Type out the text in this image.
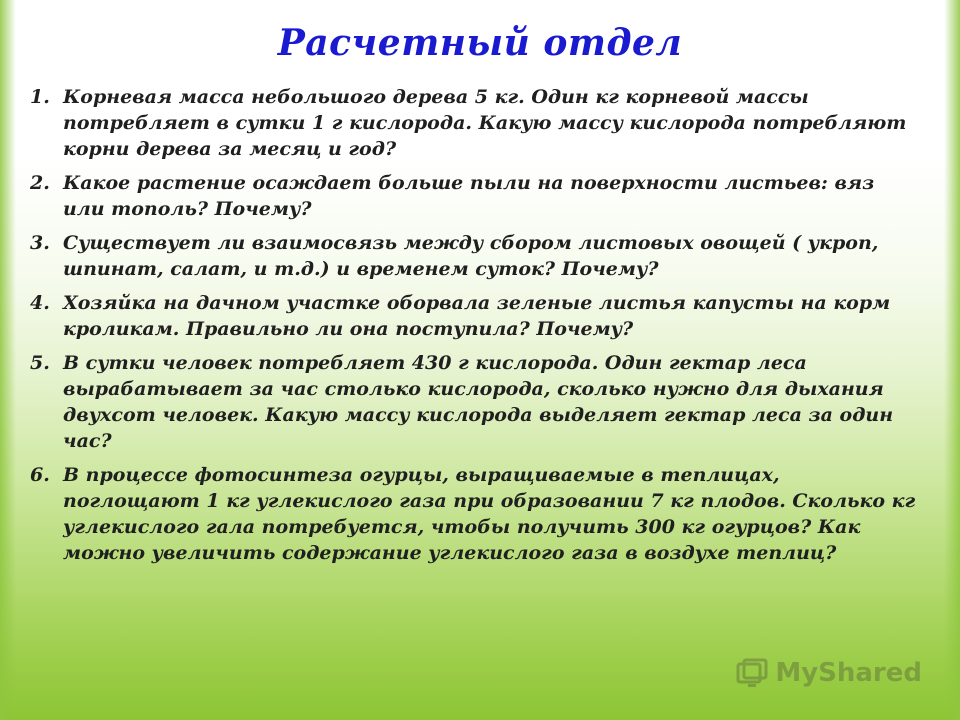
Расчетный отдел
1. Корневая масса небольшого дерева 5 кг. Один кг корневой массы потребляет в сутки 1 г кислорода. Какую массу кислорода потребляют корни дерева за месяц и год?
2. Какое растение осаждает больше пыли на поверхности листьев: вяз или тополь? Почему?
3. Существует ли взаимосвязь между сбором листовых овощей ( укроп, шпинат, салат, и т.д.) и временем суток? Почему?
4. Хозяйка на дачном участке оборвала зеленые листья капусты на корм кроликам. Правильно ли она поступила? Почему?
5. В сутки человек потребляет 430 г кислорода. Один гектар леса вырабатывает за час столько кислорода, сколько нужно для дыхания двухсот человек. Какую массу кислорода выделяет гектар леса за один час?
6. В процессе фотосинтеза огурцы, выращиваемые в теплицах, поглощают 1 кг углекислого газа при образовании 7 кг плодов. Сколько кг углекислого гала потребуется, чтобы получить 300 кг огурцов? Как можно увеличить содержание углекислого газа в воздухе теплиц?
MyShared
